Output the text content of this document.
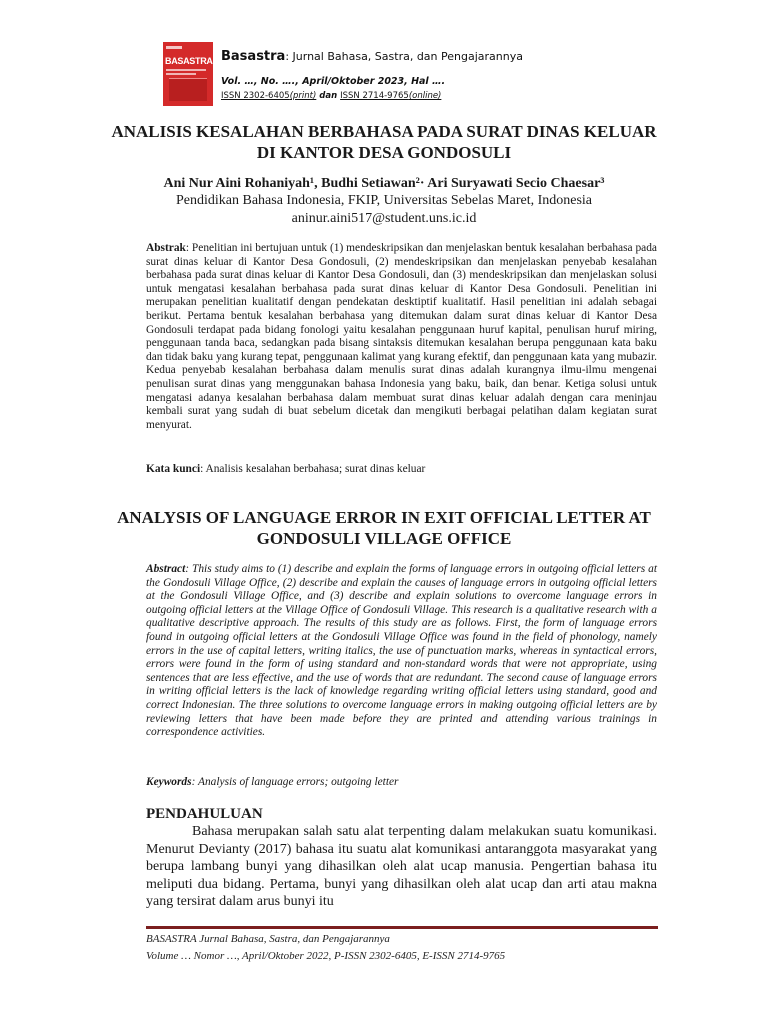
BASASTRA Basastra: Jurnal Bahasa, Sastra, dan Pengajarannya
Vol. …, No. …., April/Oktober 2023, Hal ….
ISSN 2302-6405(print) dan ISSN 2714-9765(online)
ANALISIS KESALAHAN BERBAHASA PADA SURAT DINAS KELUAR DI KANTOR DESA GONDOSULI

Ani Nur Aini Rohaniyah¹, Budhi Setiawan²· Ari Suryawati Secio Chaesar³

Pendidikan Bahasa Indonesia, FKIP, Universitas Sebelas Maret, Indonesia
aninur.aini517@student.uns.ic.id

Abstrak: Penelitian ini bertujuan untuk (1) mendeskripsikan dan menjelaskan bentuk kesalahan berbahasa pada surat dinas keluar di Kantor Desa Gondosuli, (2) mendeskripsikan dan menjelaskan penyebab kesalahan berbahasa pada surat dinas keluar di Kantor Desa Gondosuli, dan (3) mendeskripsikan dan menjelaskan solusi untuk mengatasi kesalahan berbahasa pada surat dinas keluar di Kantor Desa Gondosuli. Penelitian ini merupakan penelitian kualitatif dengan pendekatan desktiptif kualitatif. Hasil penelitian ini adalah sebagai berikut. Pertama bentuk kesalahan berbahasa yang ditemukan dalam surat dinas keluar di Kantor Desa Gondosuli terdapat pada bidang fonologi yaitu kesalahan penggunaan huruf kapital, penulisan huruf miring, penggunaan tanda baca, sedangkan pada bisang sintaksis ditemukan kesalahan berupa penggunaan kata baku dan tidak baku yang kurang tepat, penggunaan kalimat yang kurang efektif, dan penggunaan kata yang mubazir. Kedua penyebab kesalahan berbahasa dalam menulis surat dinas adalah kurangnya ilmu-ilmu mengenai penulisan surat dinas yang menggunakan bahasa Indonesia yang baku, baik, dan benar. Ketiga solusi untuk mengatasi adanya kesalahan berbahasa dalam membuat surat dinas keluar adalah dengan cara meninjau kembali surat yang sudah di buat sebelum dicetak dan mengikuti berbagai pelatihan dalam kegiatan surat menyurat.

Kata kunci: Analisis kesalahan berbahasa; surat dinas keluar

ANALYSIS OF LANGUAGE ERROR IN EXIT OFFICIAL LETTER AT GONDOSULI VILLAGE OFFICE

Abstract: This study aims to (1) describe and explain the forms of language errors in outgoing official letters at the Gondosuli Village Office, (2) describe and explain the causes of language errors in outgoing official letters at the Gondosuli Village Office, and (3) describe and explain solutions to overcome language errors in outgoing official letters at the Village Office of Gondosuli Village. This research is a qualitative research with a qualitative descriptive approach. The results of this study are as follows. First, the form of language errors found in outgoing official letters at the Gondosuli Village Office was found in the field of phonology, namely errors in the use of capital letters, writing italics, the use of punctuation marks, whereas in syntactical errors, errors were found in the form of using standard and non-standard words that were not appropriate, using sentences that are less effective, and the use of words that are redundant. The second cause of language errors in writing official letters is the lack of knowledge regarding writing official letters using standard, good and correct Indonesian. The three solutions to overcome language errors in making outgoing official letters are by reviewing letters that have been made before they are printed and attending various trainings in correspondence activities.

Keywords: Analysis of language errors; outgoing letter

PENDAHULUAN

Bahasa merupakan salah satu alat terpenting dalam melakukan suatu komunikasi. Menurut Devianty (2017) bahasa itu suatu alat komunikasi antaranggota masyarakat yang berupa lambang bunyi yang dihasilkan oleh alat ucap manusia. Pengertian bahasa itu meliputi dua bidang. Pertama, bunyi yang dihasilkan oleh alat ucap dan arti atau makna yang tersirat dalam arus bunyi itu

BASASTRA Jurnal Bahasa, Sastra, dan Pengajarannya

Volume … Nomor …, April/Oktober 2022, P-ISSN 2302-6405, E-ISSN 2714-9765
